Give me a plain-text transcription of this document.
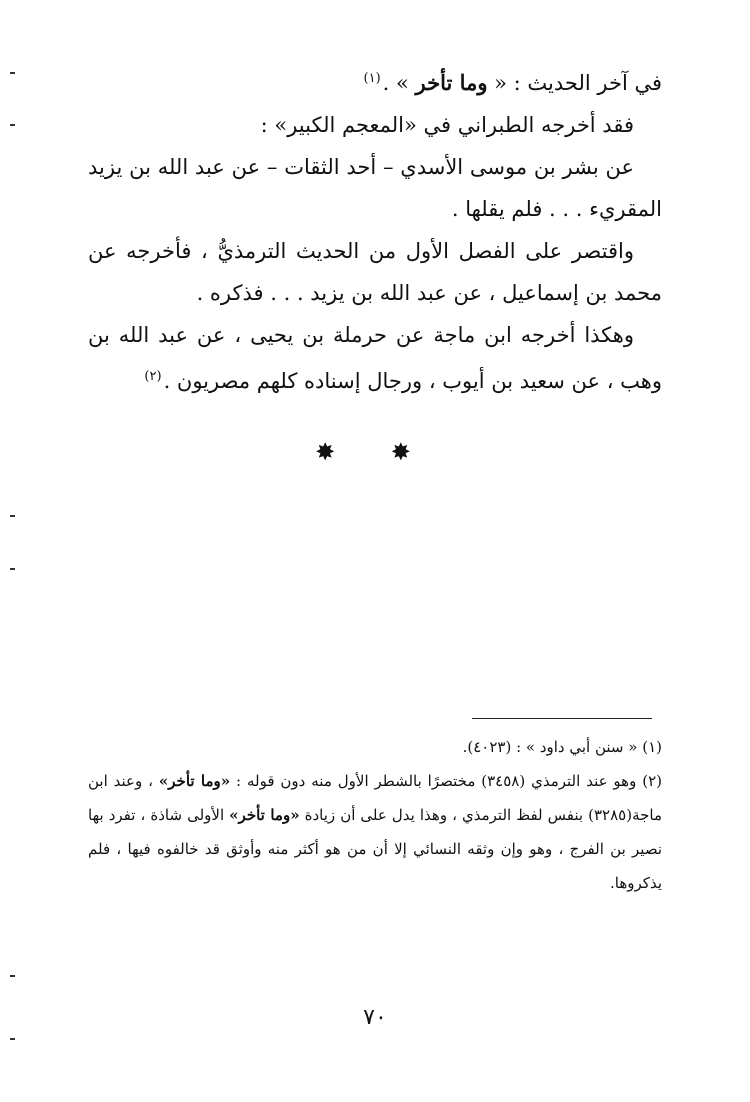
في آخر الحديث : « وما تأخر » .$^{(١)}$

فقد أخرجه الطبراني في «المعجم الكبير» :

عن بشر بن موسى الأسدي – أحد الثقات – عن عبد الله بن يزيد المقريء . . . فلم يقلها .

واقتصر على الفصل الأول من الحديث الترمذيُّ ، فأخرجه عن محمد بن إسماعيل ، عن عبد الله بن يزيد . . . فذكره .

وهكذا أخرجه ابن ماجة عن حرملة بن يحيى ، عن عبد الله بن وهب ، عن سعيد بن أيوب ، ورجال إسناده كلهم مصريون .$^{(٢)}$

✸ ✸

(١) « سنن أبي داود » : (٤٠٢٣).

(٢) وهو عند الترمذي (٣٤٥٨) مختصرًا بالشطر الأول منه دون قوله : «وما تأخر» ، وعند ابن ماجة(٣٢٨٥) بنفس لفظ الترمذي ، وهذا يدل على أن زيادة «وما تأخر» الأولى شاذة ، تفرد بها نصير بن الفرج ، وهو وإن وثقه النسائي إلا أن من هو أكثر منه وأوثق قد خالفوه فيها ، فلم يذكروها.

٧٠
